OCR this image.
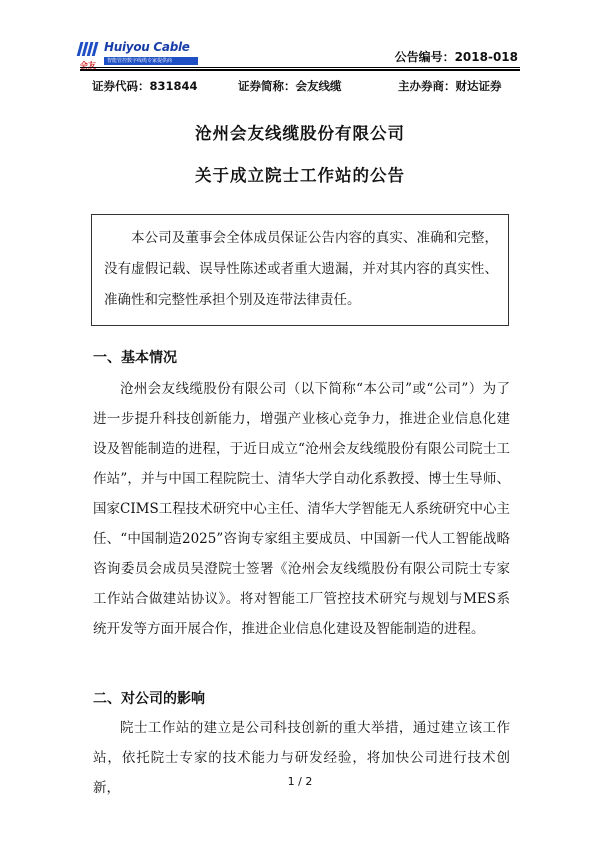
会友
Huiyou Cable
智能管控数字线缆专家提供商	公告编号：2018-018
证券代码：831844	证券简称：会友线缆	主办券商：财达证券
沧州会友线缆股份有限公司
关于成立院士工作站的公告
本公司及董事会全体成员保证公告内容的真实、准确和完整，没有虚假记载、误导性陈述或者重大遗漏，并对其内容的真实性、准确性和完整性承担个别及连带法律责任。
一、基本情况

沧州会友线缆股份有限公司（以下简称“本公司”或“公司”）为了进一步提升科技创新能力，增强产业核心竞争力，推进企业信息化建设及智能制造的进程，于近日成立“沧州会友线缆股份有限公司院士工作站”，并与中国工程院院士、清华大学自动化系教授、博士生导师、国家CIMS工程技术研究中心主任、清华大学智能无人系统研究中心主任、“中国制造2025”咨询专家组主要成员、中国新一代人工智能战略咨询委员会成员吴澄院士签署《沧州会友线缆股份有限公司院士专家工作站合做建站协议》。将对智能工厂管控技术研究与规划与MES系统开发等方面开展合作，推进企业信息化建设及智能制造的进程。

二、对公司的影响

院士工作站的建立是公司科技创新的重大举措，通过建立该工作站，依托院士专家的技术能力与研发经验，将加快公司进行技术创新，	1 / 2
